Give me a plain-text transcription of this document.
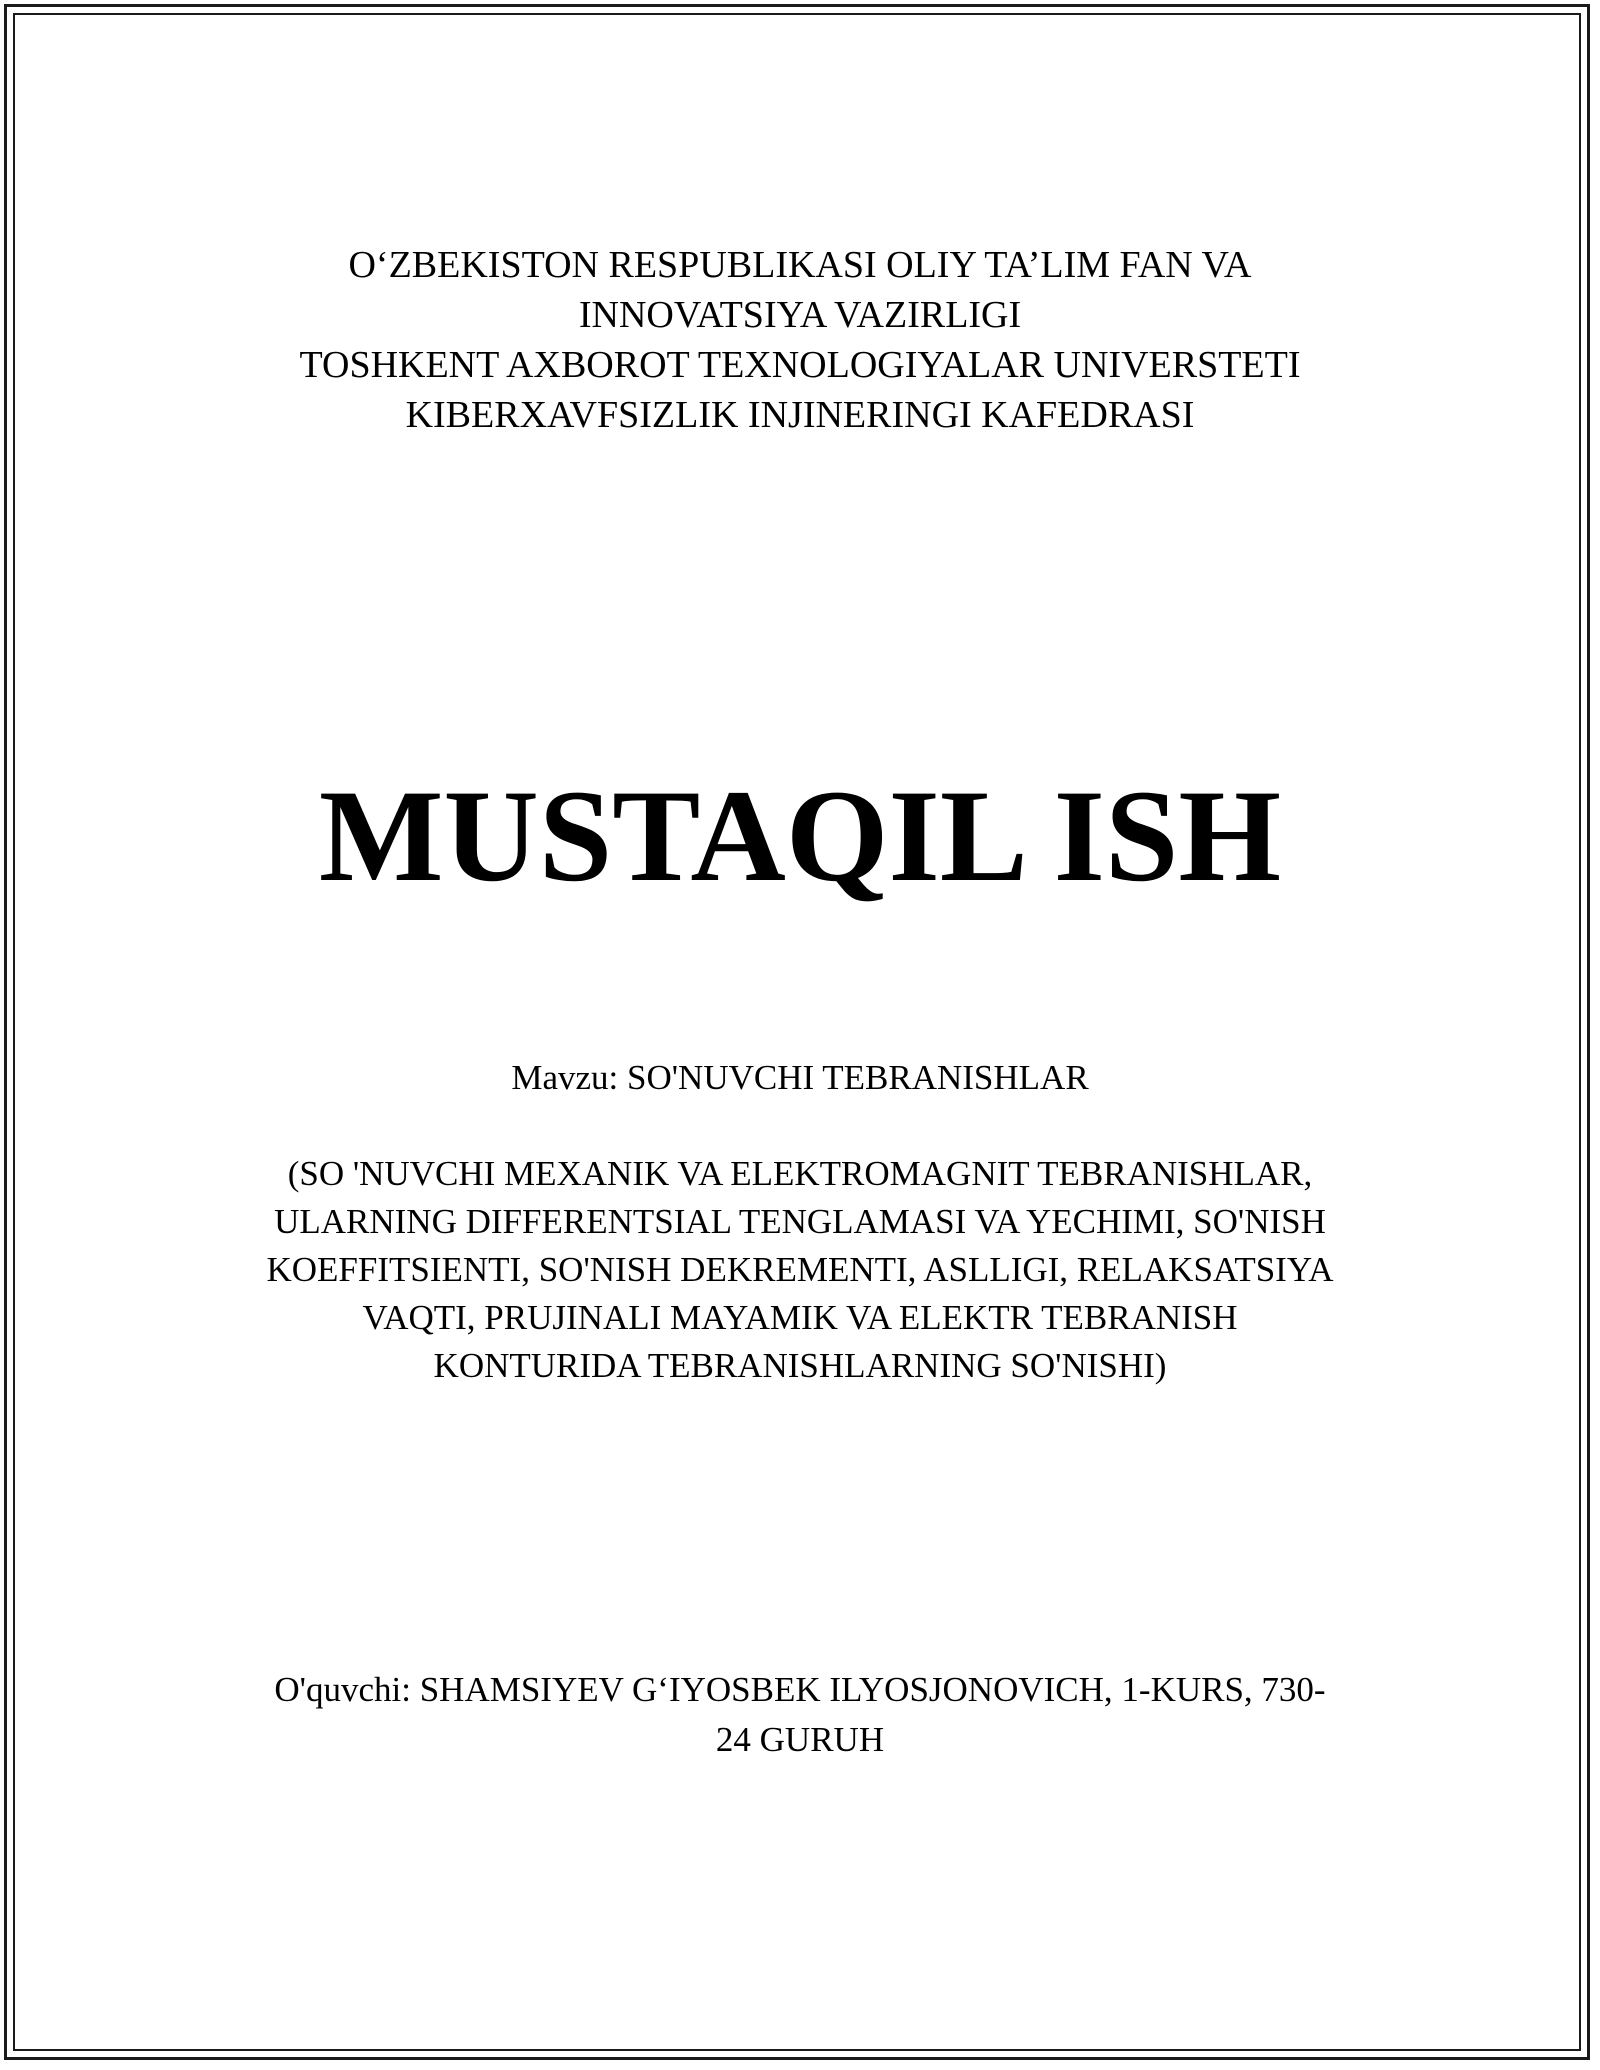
O‘ZBEKISTON RESPUBLIKASI OLIY TA’LIM FAN VA
INNOVATSIYA VAZIRLIGI
TOSHKENT AXBOROT TEXNOLOGIYALAR UNIVERSTETI
KIBERXAVFSIZLIK INJINERINGI KAFEDRASI
MUSTAQIL ISH
Mavzu: SO'NUVCHI TEBRANISHLAR
(SO 'NUVCHI MEXANIK VA ELEKTROMAGNIT TEBRANISHLAR,
ULARNING DIFFERENTSIAL TENGLAMASI VA YECHIMI, SO'NISH
KOEFFITSIENTI, SO'NISH DEKREMENTI, ASLLIGI, RELAKSATSIYA
VAQTI, PRUJINALI MAYAMIK VA ELEKTR TEBRANISH
KONTURIDA TEBRANISHLARNING SO'NISHI)
O'quvchi: SHAMSIYEV G‘IYOSBEK ILYOSJONOVICH, 1-KURS, 730-
24 GURUH
